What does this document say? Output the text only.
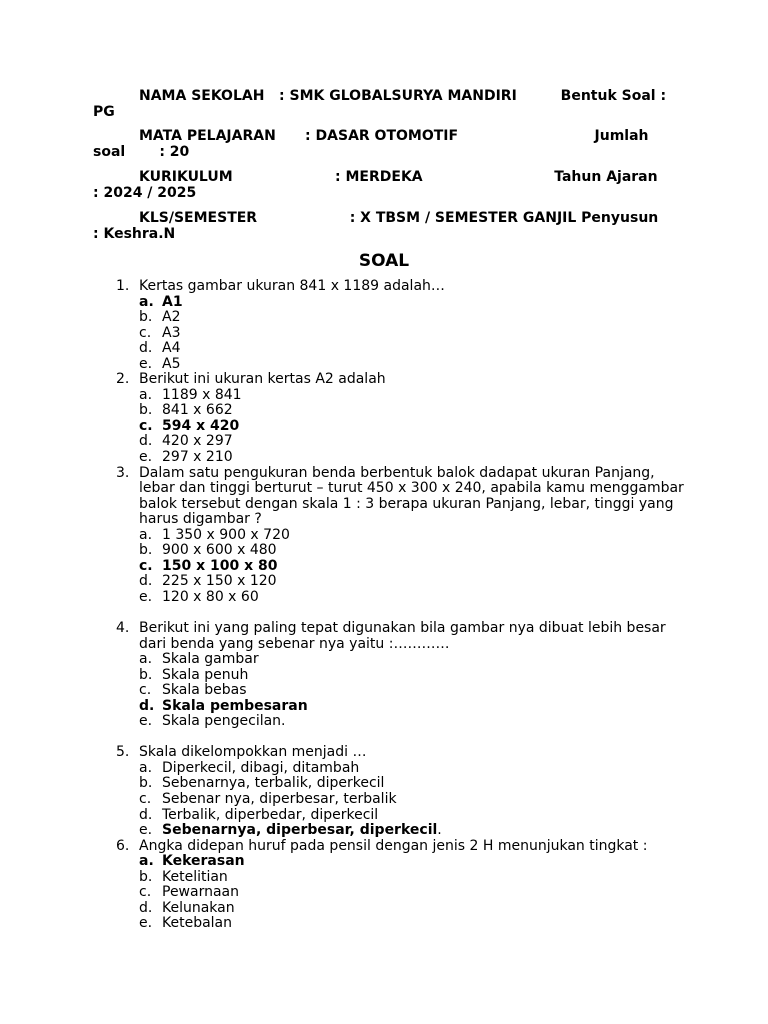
NAMA SEKOLAH   : SMK GLOBALSURYA MANDIRI         Bentuk Soal : PG

MATA PELAJARAN      : DASAR OTOMOTIF                            Jumlah soal       : 20

KURIKULUM                     : MERDEKA                           Tahun Ajaran      : 2024 / 2025

KLS/SEMESTER                   : X TBSM / SEMESTER GANJIL Penyusun              : Keshra.N

SOAL
1. Kertas gambar ukuran 841 x 1189 adalah…
a. A1
b. A2
c. A3
d. A4
e. A5
2. Berikut ini ukuran kertas A2 adalah
a. 1189 x 841
b. 841 x 662
c. 594 x 420
d. 420 x 297
e. 297 x 210
3. Dalam satu pengukuran benda berbentuk balok dadapat ukuran Panjang, lebar dan tinggi berturut – turut 450 x 300 x 240, apabila kamu menggambar balok tersebut dengan skala 1 : 3 berapa ukuran Panjang, lebar, tinggi yang harus digambar ?
a. 1 350 x 900 x 720
b. 900 x 600 x 480
c. 150 x 100 x 80
d. 225 x 150 x 120
e. 120 x 80 x 60
4. Berikut ini yang paling tepat digunakan bila gambar nya dibuat lebih besar dari benda yang sebenar nya yaitu :…………
a. Skala gambar
b. Skala penuh
c. Skala bebas
d. Skala pembesaran
e. Skala pengecilan.
5. Skala dikelompokkan menjadi …
a. Diperkecil, dibagi, ditambah
b. Sebenarnya, terbalik, diperkecil
c. Sebenar nya, diperbesar, terbalik
d. Terbalik, diperbedar, diperkecil
e. Sebenarnya, diperbesar, diperkecil.
6. Angka didepan huruf pada pensil dengan jenis 2 H menunjukan tingkat :
a. Kekerasan
b. Ketelitian
c. Pewarnaan
d. Kelunakan
e. Ketebalan
